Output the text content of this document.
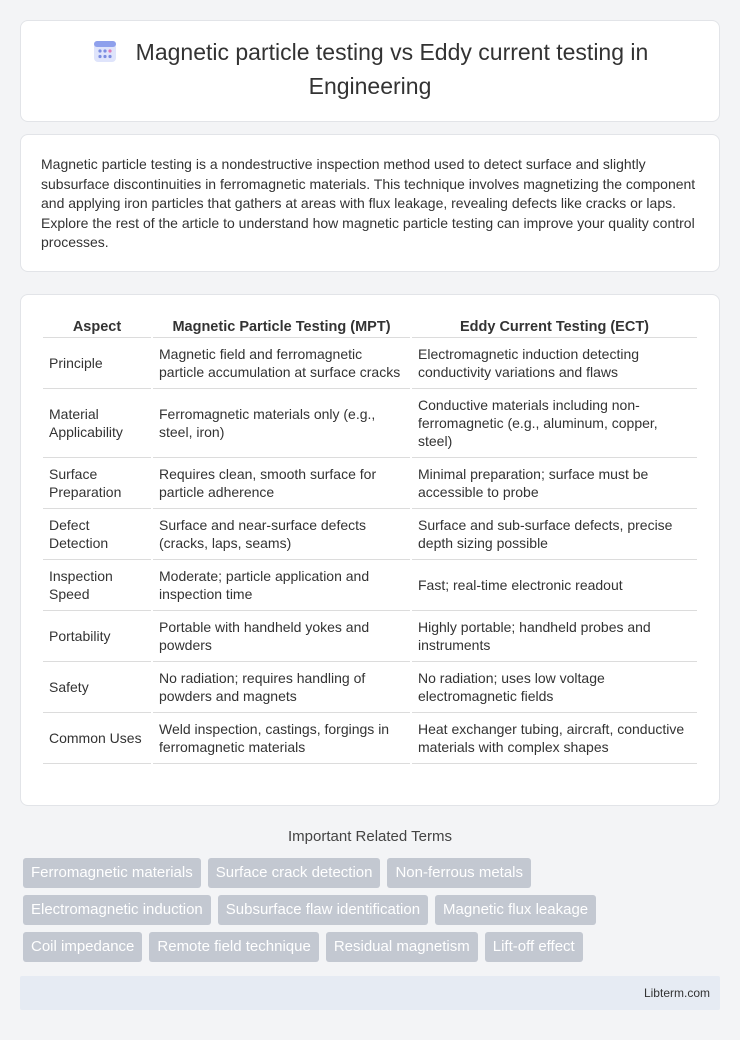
Magnetic particle testing vs Eddy current testing in Engineering

Magnetic particle testing is a nondestructive inspection method used to detect surface and slightly subsurface discontinuities in ferromagnetic materials. This technique involves magnetizing the component and applying iron particles that gathers at areas with flux leakage, revealing defects like cracks or laps. Explore the rest of the article to understand how magnetic particle testing can improve your quality control processes.

Aspect	Magnetic Particle Testing (MPT)	Eddy Current Testing (ECT)
Principle	Magnetic field and ferromagnetic particle accumulation at surface cracks	Electromagnetic induction detecting conductivity variations and flaws
Material Applicability	Ferromagnetic materials only (e.g., steel, iron)	Conductive materials including non-ferromagnetic (e.g., aluminum, copper, steel)
Surface Preparation	Requires clean, smooth surface for particle adherence	Minimal preparation; surface must be accessible to probe
Defect Detection	Surface and near-surface defects (cracks, laps, seams)	Surface and sub-surface defects, precise depth sizing possible
Inspection Speed	Moderate; particle application and inspection time	Fast; real-time electronic readout
Portability	Portable with handheld yokes and powders	Highly portable; handheld probes and instruments
Safety	No radiation; requires handling of powders and magnets	No radiation; uses low voltage electromagnetic fields
Common Uses	Weld inspection, castings, forgings in ferromagnetic materials	Heat exchanger tubing, aircraft, conductive materials with complex shapes
Important Related Terms
Ferromagnetic materials	Surface crack detection	Non-ferrous metals
Electromagnetic induction	Subsurface flaw identification	Magnetic flux leakage
Coil impedance	Remote field technique	Residual magnetism	Lift-off effect
Libterm.com
